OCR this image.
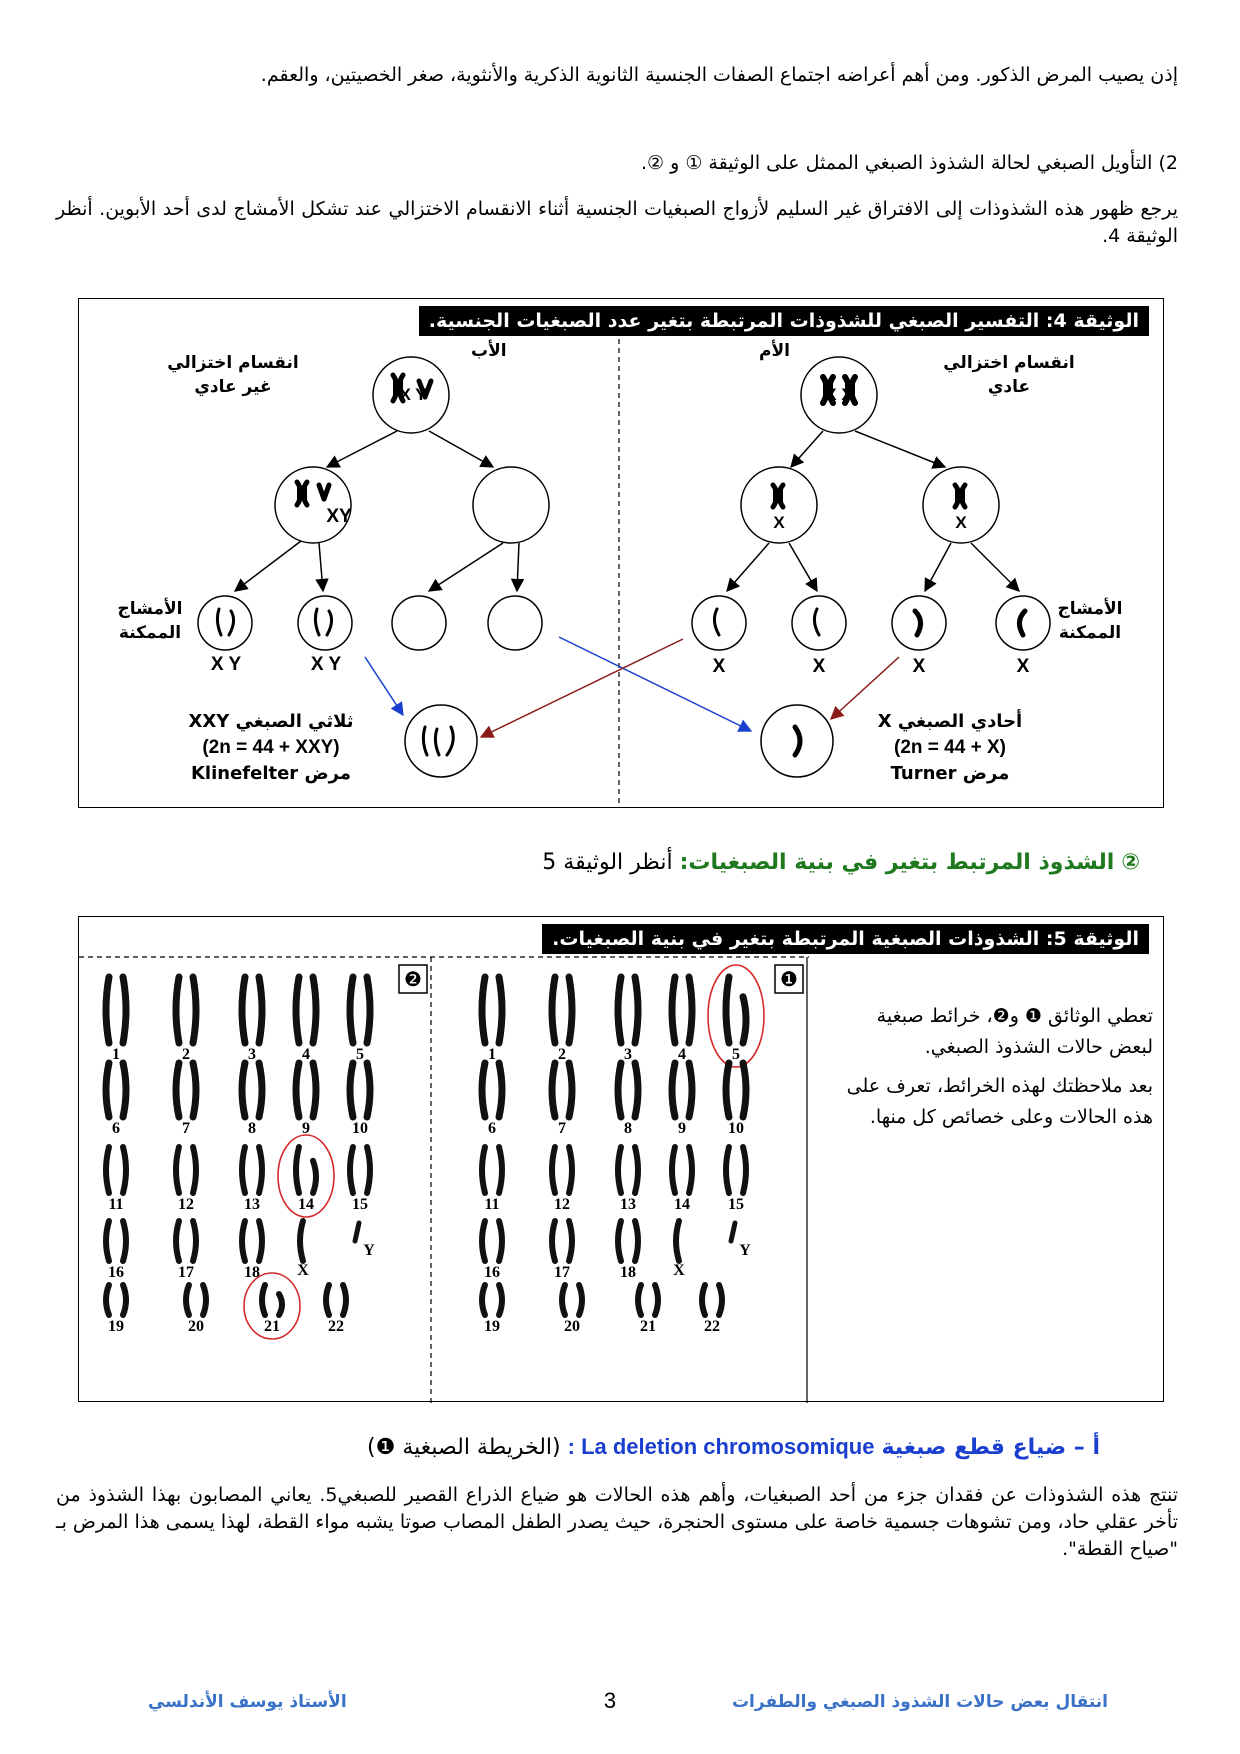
إذن يصيب المرض الذكور. ومن أهم أعراضه اجتماع الصفات الجنسية الثانوية الذكرية والأنثوية، صغر الخصيتين، والعقم.
2) التأويل الصبغي لحالة الشذوذ الصبغي الممثل على الوثيقة ① و ②.
يرجع ظهور هذه الشذوذات إلى الافتراق غير السليم لأزواج الصبغيات الجنسية أثناء الانقسام الاختزالي عند تشكل الأمشاج لدى أحد الأبوين. أنظر الوثيقة 4.
الوثيقة 4: التفسير الصبغي للشذوذات المرتبطة بتغير عدد الصبغيات الجنسية.
الأب	الأم
انقسام اختزالي
غير عادي
انقسام اختزالي
عادي
X Y	X X
XY	X	X
الأمشاج
الممكنة
الأمشاج
الممكنة
X Y	X Y	X	X	X	X
ثلاثي الصبغي XXY
(2n = 44 + XXY)
مرض Klinefelter
أحادي الصبغي X
(2n = 44 + X)
مرض Turner
② الشذوذ المرتبط بتغير في بنية الصبغيات: أنظر الوثيقة 5
❷	❶
1	2	3	4	5
6	7	8	9	10
11	12	13 14 15
16	17	18 X
Y
19	20	21	22
1	2	3	4	5
6	7	8	9	10
11	12	13 14 15
16	17	18 X
Y
19	20	21	22
الوثيقة 5: الشذوذات الصبغية المرتبطة بتغير في بنية الصبغيات.

تعطي الوثائق ❶ و❷، خرائط صبغية لبعض حالات الشذوذ الصبغي.

بعد ملاحظتك لهذه الخرائط، تعرف على هذه الحالات وعلى خصائص كل منها.

أ – ضياع قطع صبغية : La deletion chromosomique (الخريطة الصبغية ❶)
تنتج هذه الشذوذات عن فقدان جزء من أحد الصبغيات، وأهم هذه الحالات هو ضياع الذراع القصير للصبغي5. يعاني المصابون بهذا الشذوذ من تأخر عقلي حاد، ومن تشوهات جسمية خاصة على مستوى الحنجرة، حيث يصدر الطفل المصاب صوتا يشبه مواء القطة، لهذا يسمى هذا المرض بـ "صياح القطة".
انتقال بعض حالات الشذوذ الصبغي والطفرات
3
الأستاذ يوسف الأندلسي
